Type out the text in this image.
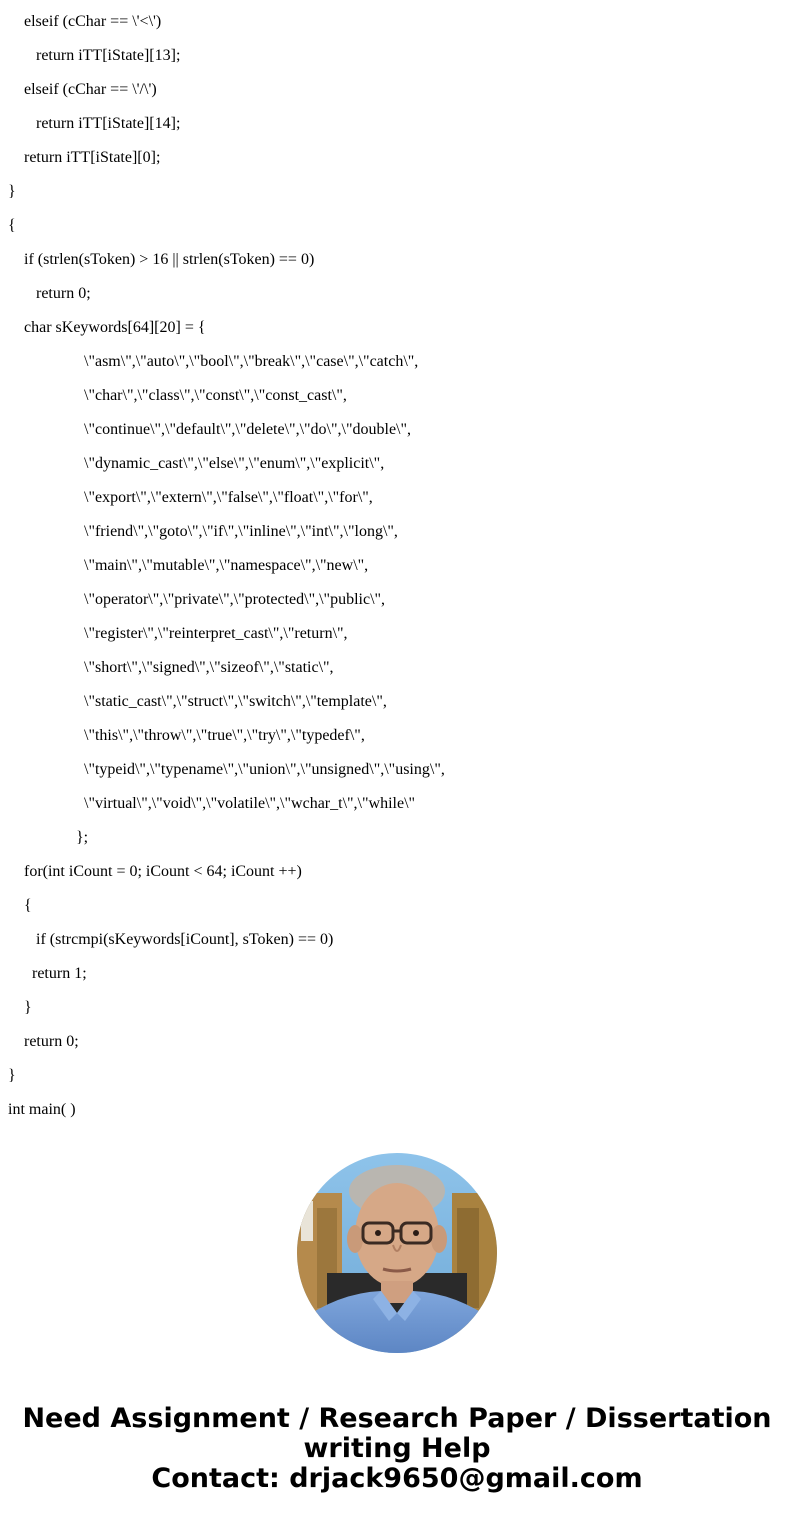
elseif (cChar == \'<\')
return iTT[iState][13];
elseif (cChar == \'/\')
return iTT[iState][14];
return iTT[iState][0];
}
{
if (strlen(sToken) > 16 || strlen(sToken) == 0)
return 0;
char sKeywords[64][20] = {
\"asm\",\"auto\",\"bool\",\"break\",\"case\",\"catch\",
\"char\",\"class\",\"const\",\"const_cast\",
\"continue\",\"default\",\"delete\",\"do\",\"double\",
\"dynamic_cast\",\"else\",\"enum\",\"explicit\",
\"export\",\"extern\",\"false\",\"float\",\"for\",
\"friend\",\"goto\",\"if\",\"inline\",\"int\",\"long\",
\"main\",\"mutable\",\"namespace\",\"new\",
\"operator\",\"private\",\"protected\",\"public\",
\"register\",\"reinterpret_cast\",\"return\",
\"short\",\"signed\",\"sizeof\",\"static\",
\"static_cast\",\"struct\",\"switch\",\"template\",
\"this\",\"throw\",\"true\",\"try\",\"typedef\",
\"typeid\",\"typename\",\"union\",\"unsigned\",\"using\",
\"virtual\",\"void\",\"volatile\",\"wchar_t\",\"while\"
};
for(int iCount = 0; iCount < 64; iCount ++)
{
if (strcmpi(sKeywords[iCount], sToken) == 0)
return 1;
}
return 0;
}
int main( )
Need Assignment / Research Paper / Dissertation
writing Help
Contact: drjack9650@gmail.com
